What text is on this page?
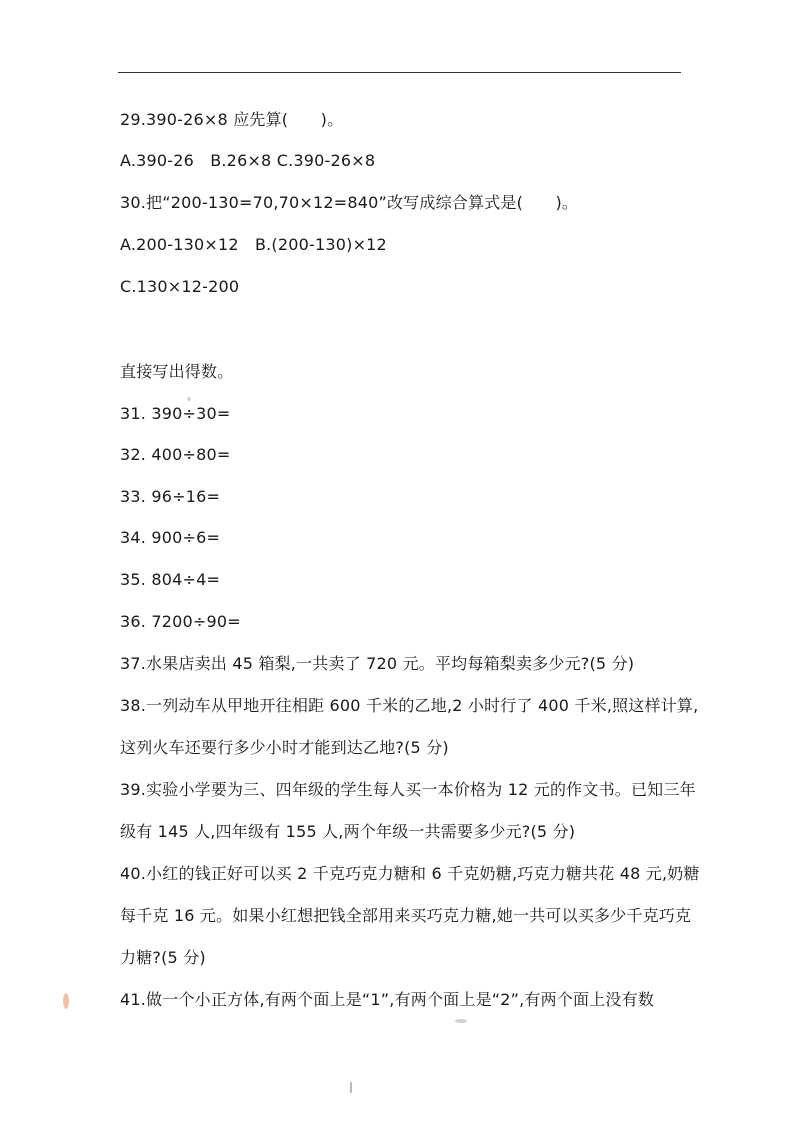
29.390-26×8 应先算(　　)。
A.390-26　B.26×8 C.390-26×8
30.把“200-130=70,70×12=840”改写成综合算式是(　　)。
A.200-130×12　B.(200-130)×12
C.130×12-200
直接写出得数。
31. 390÷30=
32. 400÷80=
33. 96÷16=
34. 900÷6=
35. 804÷4=
36. 7200÷90=
37.水果店卖出 45 箱梨,一共卖了 720 元。平均每箱梨卖多少元?(5 分)
38.一列动车从甲地开往相距 600 千米的乙地,2 小时行了 400 千米,照这样计算,
这列火车还要行多少小时才能到达乙地?(5 分)
39.实验小学要为三、四年级的学生每人买一本价格为 12 元的作文书。已知三年
级有 145 人,四年级有 155 人,两个年级一共需要多少元?(5 分)
40.小红的钱正好可以买 2 千克巧克力糖和 6 千克奶糖,巧克力糖共花 48 元,奶糖
每千克 16 元。如果小红想把钱全部用来买巧克力糖,她一共可以买多少千克巧克
力糖?(5 分)
41.做一个小正方体,有两个面上是“1”,有两个面上是“2”,有两个面上没有数
